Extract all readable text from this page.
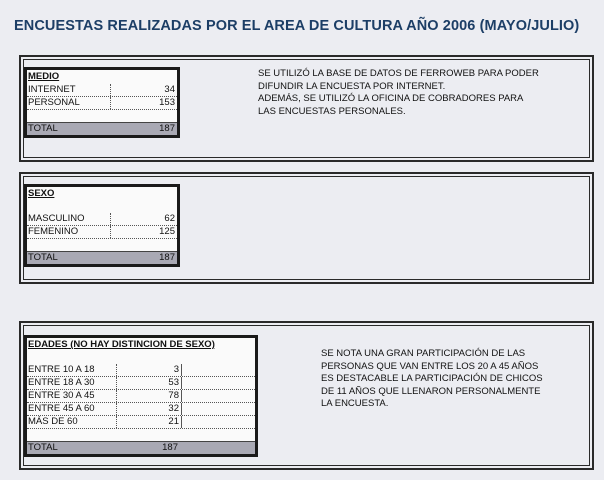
ENCUESTAS REALIZADAS POR EL AREA DE CULTURA AÑO 2006 (MAYO/JULIO)
MEDIO
INTERNET	34
PERSONAL	153
TOTAL	187

SE UTILIZÓ LA BASE DE DATOS DE FERROWEB PARA PODER

DIFUNDIR LA ENCUESTA POR INTERNET.

ADEMÁS, SE UTILIZÓ LA OFICINA DE COBRADORES PARA

LAS ENCUESTAS PERSONALES.

SEXO
MASCULINO	62
FEMENINO	125
TOTAL	187
EDADES (NO HAY DISTINCION DE SEXO)
ENTRE 10 A 18	3
ENTRE 18 A 30	53
ENTRE 30 A 45	78
ENTRE 45 A 60	32
MÁS DE 60	21
TOTAL	187

SE NOTA UNA GRAN PARTICIPACIÓN DE LAS

PERSONAS QUE VAN ENTRE LOS 20 A 45 AÑOS

ES DESTACABLE LA PARTICIPACIÓN DE CHICOS

DE 11 AÑOS QUE LLENARON PERSONALMENTE

LA ENCUESTA.
